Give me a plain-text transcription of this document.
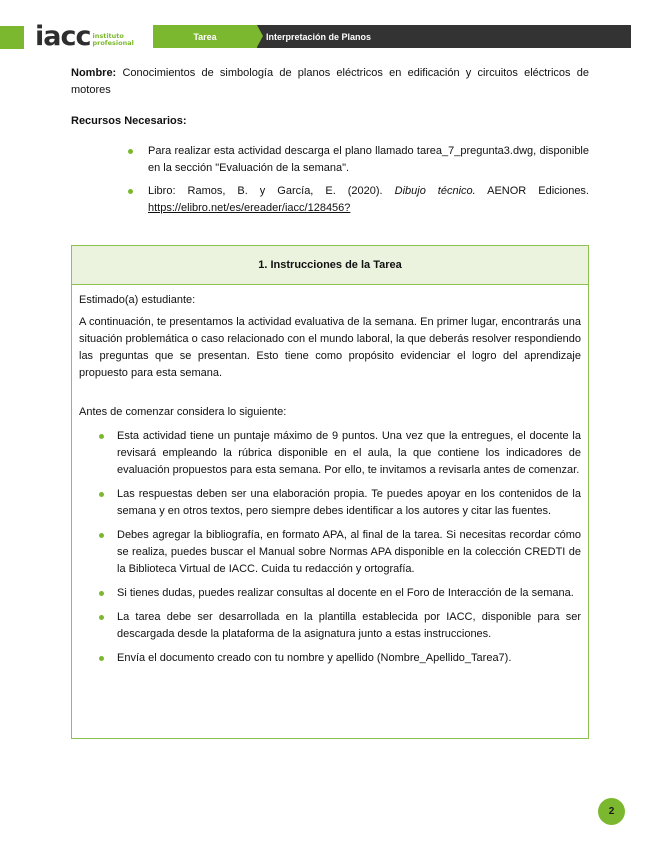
iacc instituto
profesional
Tarea	Interpretación de Planos
Nombre: Conocimientos de simbología de planos eléctricos en edificación y circuitos eléctricos de motores
Recursos Necesarios:
Para realizar esta actividad descarga el plano llamado tarea_7_pregunta3.dwg, disponible en la sección "Evaluación de la semana".
Libro: Ramos, B. y García, E. (2020). Dibujo técnico. AENOR Ediciones. https://elibro.net/es/ereader/iacc/128456?
1. Instrucciones de la Tarea

Estimado(a) estudiante:

A continuación, te presentamos la actividad evaluativa de la semana. En primer lugar, encontrarás una situación problemática o caso relacionado con el mundo laboral, la que deberás resolver respondiendo las preguntas que se presentan. Esto tiene como propósito evidenciar el logro del aprendizaje propuesto para esta semana.

Antes de comenzar considera lo siguiente:

Esta actividad tiene un puntaje máximo de 9 puntos. Una vez que la entregues, el docente la revisará empleando la rúbrica disponible en el aula, la que contiene los indicadores de evaluación propuestos para esta semana. Por ello, te invitamos a revisarla antes de comenzar.
Las respuestas deben ser una elaboración propia. Te puedes apoyar en los contenidos de la semana y en otros textos, pero siempre debes identificar a los autores y citar las fuentes.
Debes agregar la bibliografía, en formato APA, al final de la tarea. Si necesitas recordar cómo se realiza, puedes buscar el Manual sobre Normas APA disponible en la colección CREDTI de la Biblioteca Virtual de IACC. Cuida tu redacción y ortografía.
Si tienes dudas, puedes realizar consultas al docente en el Foro de Interacción de la semana.
La tarea debe ser desarrollada en la plantilla establecida por IACC, disponible para ser descargada desde la plataforma de la asignatura junto a estas instrucciones.
Envía el documento creado con tu nombre y apellido (Nombre_Apellido_Tarea7).
2
